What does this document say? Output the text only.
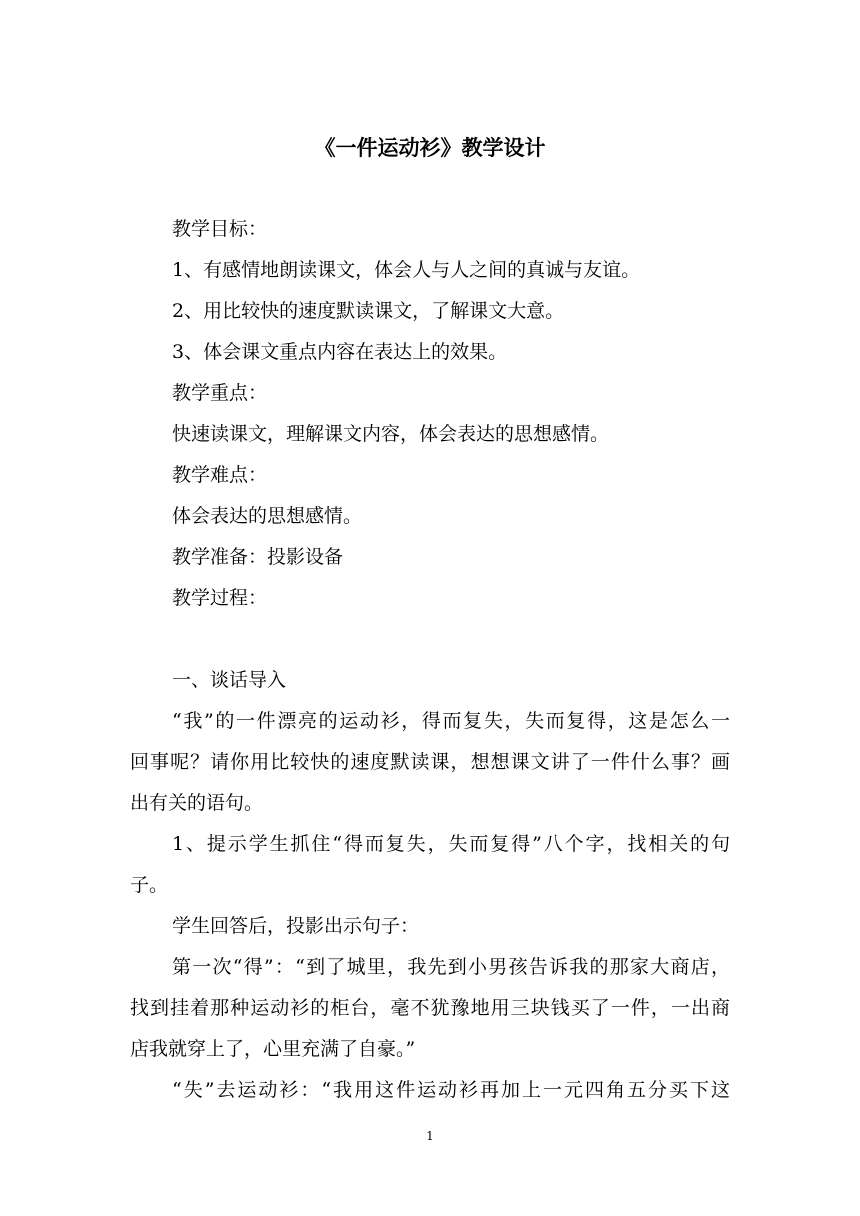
《一件运动衫》教学设计
教学目标：
1、有感情地朗读课文，体会人与人之间的真诚与友谊。
2、用比较快的速度默读课文，了解课文大意。
3、体会课文重点内容在表达上的效果。
教学重点：
快速读课文，理解课文内容，体会表达的思想感情。
教学难点：
体会表达的思想感情。
教学准备：投影设备
教学过程：
一、谈话导入
“我”的一件漂亮的运动衫，得而复失，失而复得，这是怎么一
回事呢？请你用比较快的速度默读课，想想课文讲了一件什么事？画
出有关的语句。
1、提示学生抓住“得而复失，失而复得”八个字，找相关的句
子。
学生回答后，投影出示句子：
第一次“得”：“到了城里，我先到小男孩告诉我的那家大商店，
找到挂着那种运动衫的柜台，毫不犹豫地用三块钱买了一件，一出商
店我就穿上了，心里充满了自豪。”
“失”去运动衫：“我用这件运动衫再加上一元四角五分买下这
1
